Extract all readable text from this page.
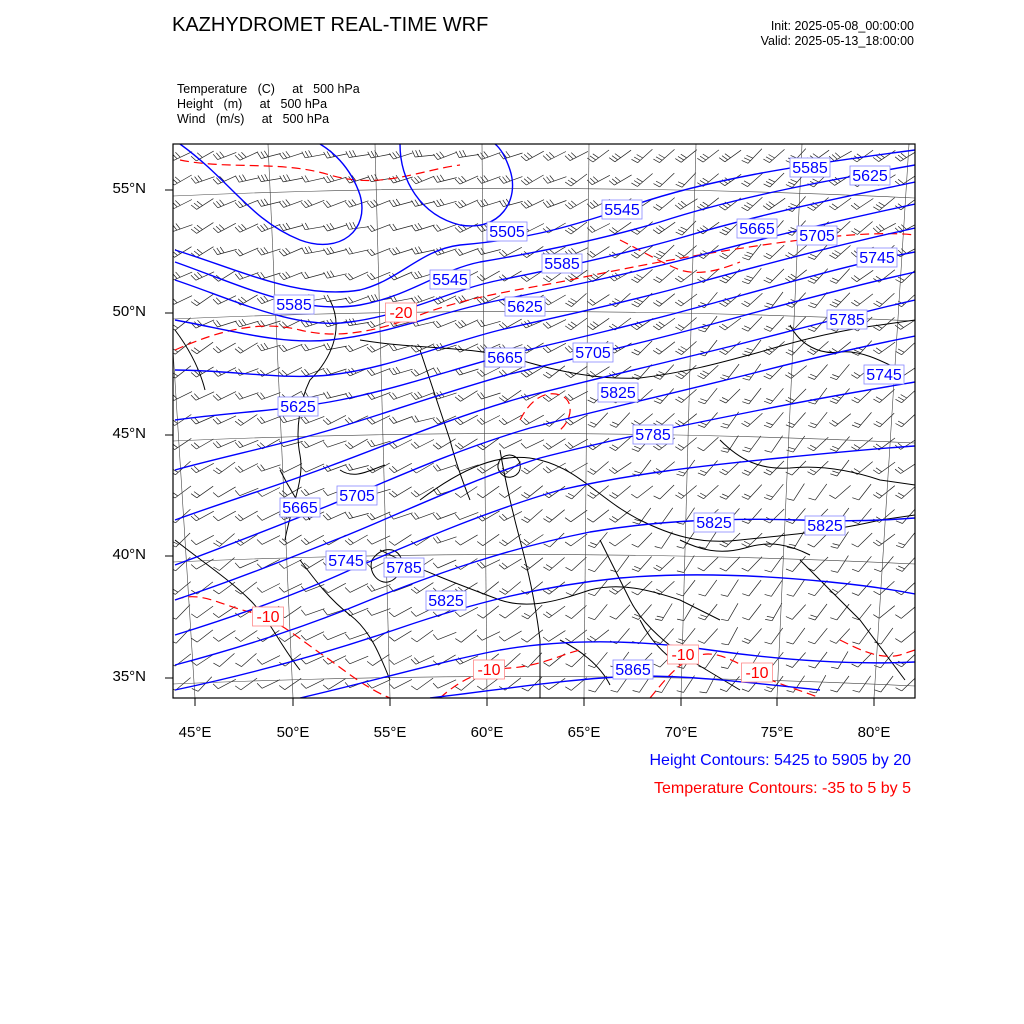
KAZHYDROMET REAL-TIME WRF	Init: 2025-05-08_00:00:00
Valid: 2025-05-13_18:00:00
Temperature   (C)     at   500 hPa
Height   (m)     at   500 hPa
Wind   (m/s)     at   500 hPa
5585 5625
5545
5505	5665 5705
5585
5545
5745
5585	5625
5785
5665	5705
5745
5825
5625
5785
5665
5705
5825
5825
5745 5785
5825
5865
-20
-10
-10
-10
-10
55°N
50°N
45°N
40°N
35°N
45°E	50°E	55°E	60°E	65°E	70°E	75°E	80°E
Height Contours: 5425 to 5905 by 20
Temperature Contours: -35 to 5 by 5
